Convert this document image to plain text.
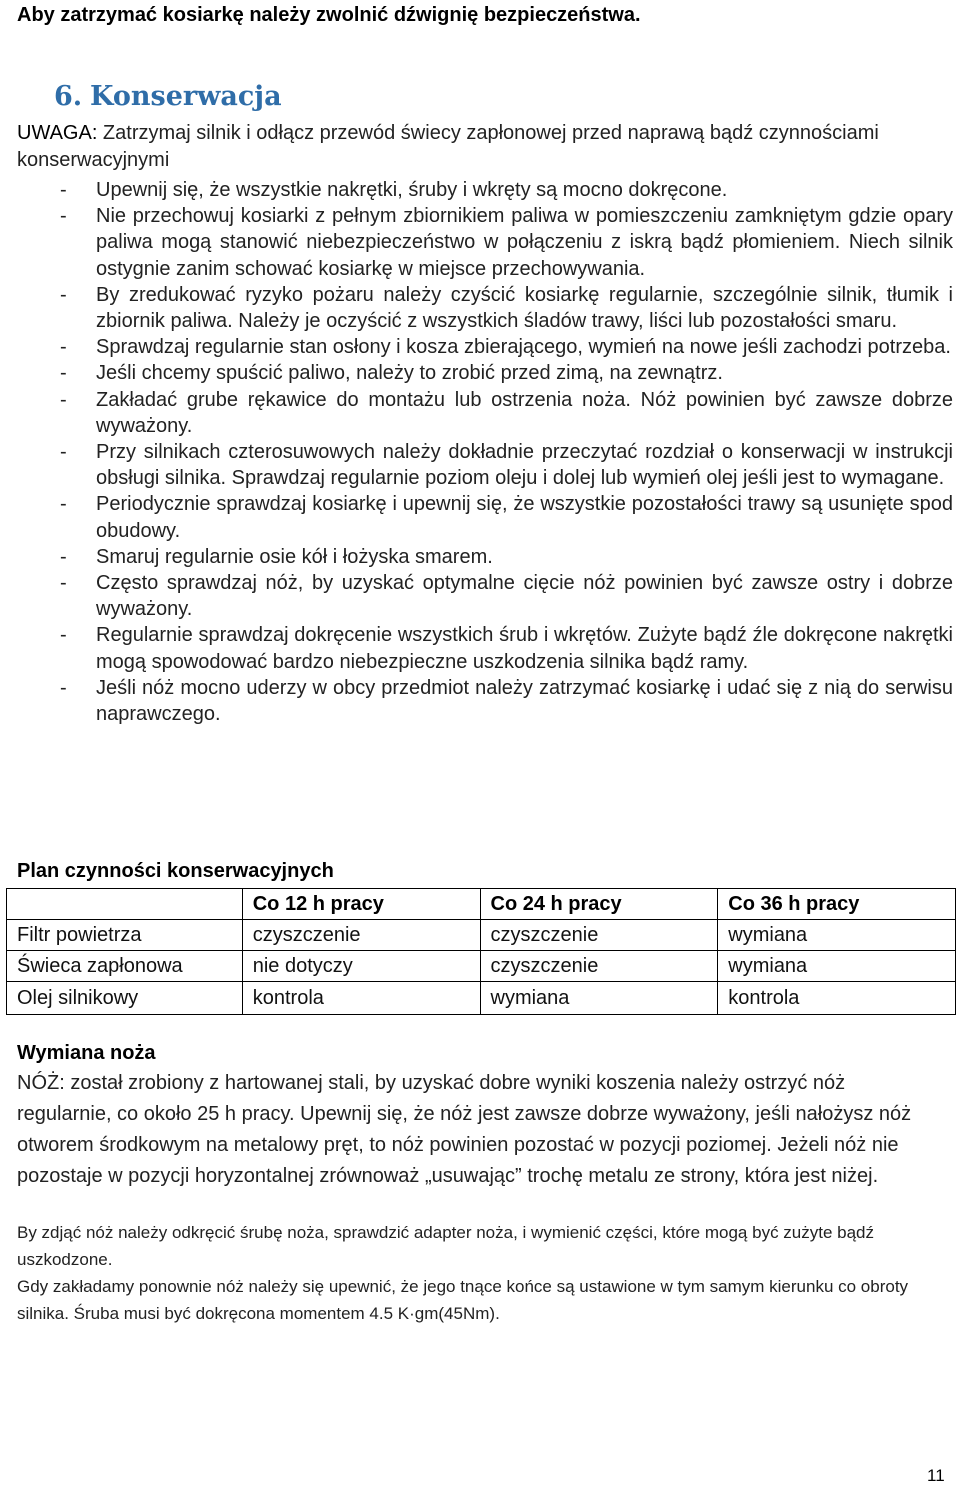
Aby zatrzymać kosiarkę należy zwolnić dźwignię bezpieczeństwa.
6. Konserwacja
UWAGA: Zatrzymaj silnik i odłącz przewód świecy zapłonowej przed naprawą bądź czynnościami konserwacyjnymi
- Upewnij się, że wszystkie nakrętki, śruby i wkręty są mocno dokręcone.
- Nie przechowuj kosiarki z pełnym zbiornikiem paliwa w pomieszczeniu zamkniętym gdzie opary paliwa mogą stanowić niebezpieczeństwo w połączeniu z iskrą bądź płomieniem. Niech silnik ostygnie zanim schować kosiarkę w miejsce przechowywania.
- By zredukować ryzyko pożaru należy czyścić kosiarkę regularnie, szczególnie silnik, tłumik i zbiornik paliwa. Należy je oczyścić z wszystkich śladów trawy, liści lub pozostałości smaru.
- Sprawdzaj regularnie stan osłony i kosza zbierającego, wymień na nowe jeśli zachodzi potrzeba.
- Jeśli chcemy spuścić paliwo, należy to zrobić przed zimą, na zewnątrz.
- Zakładać grube rękawice do montażu lub ostrzenia noża. Nóż powinien być zawsze dobrze wyważony.
- Przy silnikach czterosuwowych należy dokładnie przeczytać rozdział o konserwacji w instrukcji obsługi silnika. Sprawdzaj regularnie poziom oleju i dolej lub wymień olej jeśli jest to wymagane.
- Periodycznie sprawdzaj kosiarkę i upewnij się, że wszystkie pozostałości trawy są usunięte spod obudowy.
- Smaruj regularnie osie kół i łożyska smarem.
- Często sprawdzaj nóż, by uzyskać optymalne cięcie nóż powinien być zawsze ostry i dobrze wyważony.
- Regularnie sprawdzaj dokręcenie wszystkich śrub i wkrętów. Zużyte bądź źle dokręcone nakrętki mogą spowodować bardzo niebezpieczne uszkodzenia silnika bądź ramy.
- Jeśli nóż mocno uderzy w obcy przedmiot należy zatrzymać kosiarkę i udać się z nią do serwisu naprawczego.
Plan czynności konserwacyjnych
	Co 12 h pracy	Co 24 h pracy	Co 36 h pracy
Filtr powietrza	czyszczenie	czyszczenie	wymiana
Świeca zapłonowa	nie dotyczy	czyszczenie	wymiana
Olej silnikowy	kontrola	wymiana	kontrola
Wymiana noża
NÓŻ: został zrobiony z hartowanej stali, by uzyskać dobre wyniki koszenia należy ostrzyć nóż regularnie, co około 25 h pracy. Upewnij się, że nóż jest zawsze dobrze wyważony, jeśli nałożysz nóż otworem środkowym na metalowy pręt, to nóż powinien pozostać w pozycji poziomej. Jeżeli nóż nie pozostaje w pozycji horyzontalnej zrównoważ „usuwając” trochę metalu ze strony, która jest niżej.
By zdjąć nóż należy odkręcić śrubę noża, sprawdzić adapter noża, i wymienić części, które mogą być zużyte bądź uszkodzone.
Gdy zakładamy ponownie nóż należy się upewnić, że jego tnące końce są ustawione w tym samym kierunku co obroty silnika. Śruba musi być dokręcona momentem 4.5 K·gm(45Nm).
11
